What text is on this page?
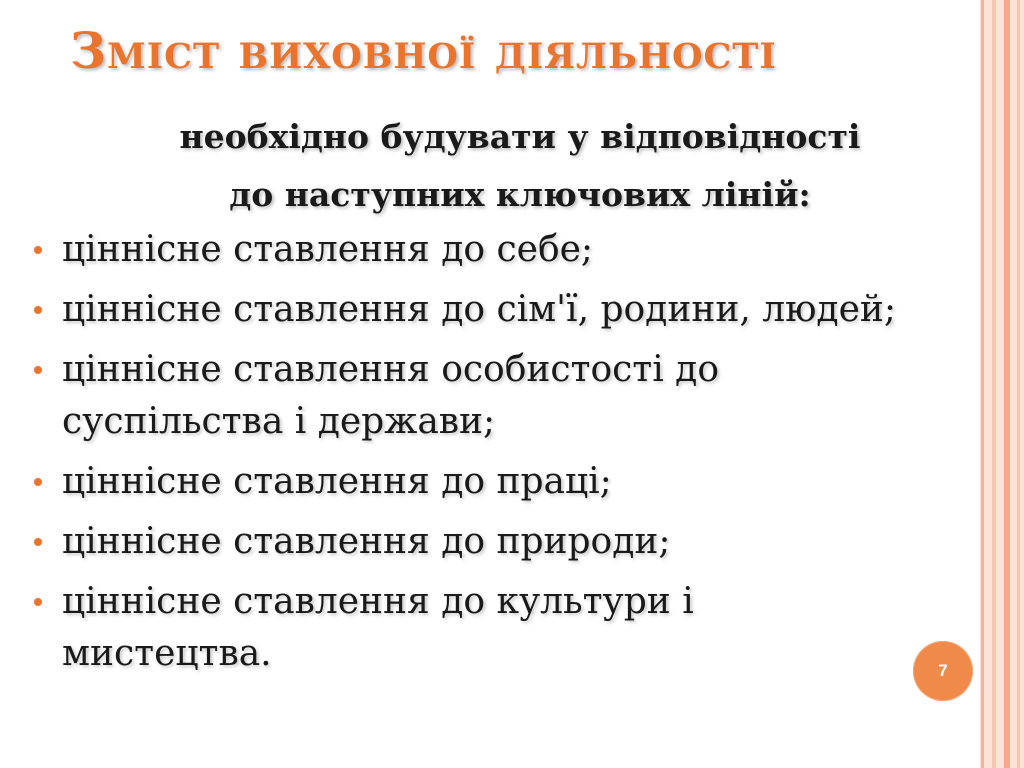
Зміст виховної діяльності
необхідно будувати у відповідності
до наступних ключових ліній:
ціннісне ставлення до себе;
ціннісне ставлення до сім'ї, родини, людей;
ціннісне ставлення особистості до суспільства і держави;
ціннісне ставлення до праці;
ціннісне ставлення до природи;
ціннісне ставлення до культури і мистецтва.	7
